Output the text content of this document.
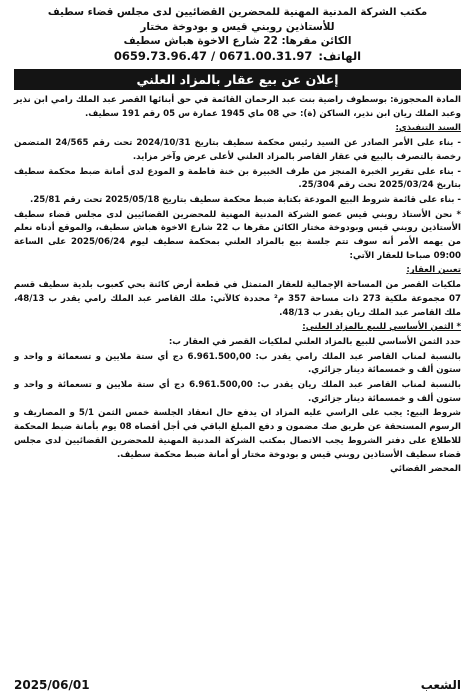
مكتب الشركة المدنية المهنية للمحضرين القضائيين لدى مجلس قضاء سطيف
للأستاذين روبني قيس و بودوخة مختار
الكائن مقرها: 22 شارع الاخوة هباش سطيف
الهاتف:
0659.73.96.47 / 0671.00.31.97
إعلان عن بيع عقار بالمزاد العلني

المادة المحجوزة: بوسطوف راضية بنت عبد الرحمان القائمة في حق أبنائها القصر عبد الملك رامي ابن نذير وعبد الملك ريان ابن نذير، الساكن (ة): حي 08 ماي 1945 عمارة س 05 رقم 191 سطيف.

السند التنفيذي:

- بناء على الأمر الصادر عن السيد رئيس محكمة سطيف بتاريخ 2024/10/31 تحت رقم 24/565 المتضمن رخصة بالتصرف بالبيع في عقار القاصر بالمزاد العلني لأعلى عرض وآخر مزايد.

- بناء على تقرير الخبرة المنجز من طرف الخبيرة بن خنة فاطمة و المودع لدى أمانة ضبط محكمة سطيف بتاريخ 2025/03/24 تحت رقم 25/304.

- بناء على قائمة شروط البيع المودعة بكتابة ضبط محكمة سطيف بتاريخ 2025/05/18 تحت رقم 25/81.

* نحن الأستاذ روبني قيس عضو الشركة المدنية المهنية للمحضرين القضائيين لدى مجلس قضاء سطيف الأستاذين روبني قيس وبودوخة مختار الكائن مقرها ب 22 شارع الاخوة هباش سطيف، والموقع أدناه نعلم من يهمه الأمر أنه سوف تتم جلسة بيع بالمزاد العلني بمحكمة سطيف ليوم 2025/06/24 على الساعة 09:00 صباحا للعقار الآتي:

تعيين العقار:

ملكيات القصر من المساحة الإجمالية للعقار المتمثل في قطعة أرض كائنة بحي كعبوب بلدية سطيف قسم 07 مجموعة ملكية 273 ذات مساحة 357 م² محددة كالآتي: ملك القاصر عبد الملك رامي يقدر ب 48/13، ملك القاصر عبد الملك ريان يقدر ب 48/13.

* الثمن الأساسي للبيع بالمزاد العلني:

حدد الثمن الأساسي للبيع بالمزاد العلني لملكيات القصر في العقار ب:

بالنسبة لمناب القاصر عبد الملك رامي يقدر ب: 6.961.500,00 دج أي ستة ملايين و تسعمائة و واحد و ستون ألف و خمسمائة دينار جزائري.

بالنسبة لمناب القاصر عبد الملك ريان يقدر ب: 6.961.500,00 دج أي ستة ملايين و تسعمائة و واحد و ستون ألف و خمسمائة دينار جزائري.

شروط البيع: يجب على الراسي عليه المزاد ان يدفع حال انعقاد الجلسة خمس الثمن 5/1 و المصاريف و الرسوم المستحقة عن طريق صك مضمون و دفع المبلغ الباقي في أجل أقصاه 08 يوم بأمانة ضبط المحكمة للاطلاع على دفتر الشروط يجب الاتصال بمكتب الشركة المدنية المهنية للمحضرين القضائيين لدى مجلس قضاء سطيف الأستاذين روبني قيس و بودوخة مختار أو أمانة ضبط محكمة سطيف.

المحضر القضائي

الشعب
2025/06/01
